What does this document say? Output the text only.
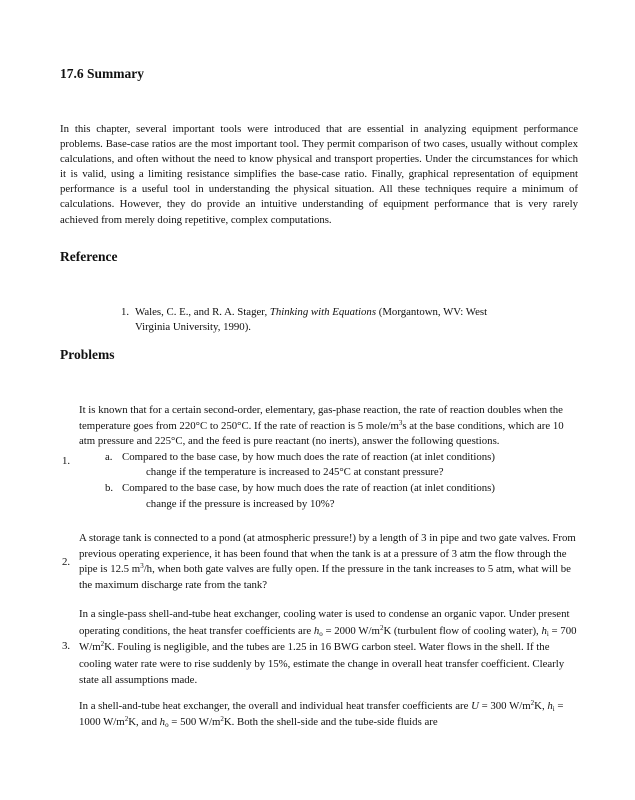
17.6 Summary

In this chapter, several important tools were introduced that are essential in analyzing equipment performance problems. Base-case ratios are the most important tool. They permit comparison of two cases, usually without complex calculations, and often without the need to know physical and transport properties. Under the circumstances for which it is valid, using a limiting resistance simplifies the base-case ratio. Finally, graphical representation of equipment performance is a useful tool in understanding the physical situation. All these techniques require a minimum of calculations. However, they do provide an intuitive understanding of equipment performance that is very rarely achieved from merely doing repetitive, complex computations.

Reference

1. Wales, C. E., and R. A. Stager, Thinking with Equations (Morgantown, WV: West
Virginia University, 1990).

Problems
1.

It is known that for a certain second-order, elementary, gas-phase reaction, the rate of reaction doubles when the temperature goes from 220°C to 250°C. If the rate of reaction is 5 mole/$m^3s$ at the base conditions, which are 10 atm pressure and 225°C, and the feed is pure reactant (no inerts), answer the following questions.

a. Compared to the base case, by how much does the rate of reaction (at inlet conditions)
change if the temperature is increased to 245°C at constant pressure?

b. Compared to the base case, by how much does the rate of reaction (at inlet conditions)
change if the pressure is increased by 10%?

2.

A storage tank is connected to a pond (at atmospheric pressure!) by a length of 3 in pipe and two gate valves. From previous operating experience, it has been found that when the tank is at a pressure of 3 atm the flow through the pipe is 12.5 $m^3/h$, when both gate valves are fully open. If the pressure in the tank increases to 5 atm, what will be the maximum discharge rate from the tank?

3.

In a single-pass shell-and-tube heat exchanger, cooling water is used to condense an organic vapor. Under present operating conditions, the heat transfer coefficients are $h_o = 2000$ $W/m^2K$ (turbulent flow of cooling water), $h_i = 700$ $W/m^2K$. Fouling is negligible, and the tubes are 1.25 in 16 BWG carbon steel. Water flows in the shell. If the cooling water rate were to rise suddenly by 15%, estimate the change in overall heat transfer coefficient. Clearly state all assumptions made.

In a shell-and-tube heat exchanger, the overall and individual heat transfer coefficients are U = 300 $W/m^2K$, $h_i = 1000$ $W/m^2K$, and $h_o = 500$ $W/m^2K$. Both the shell-side and the tube-side fluids are
